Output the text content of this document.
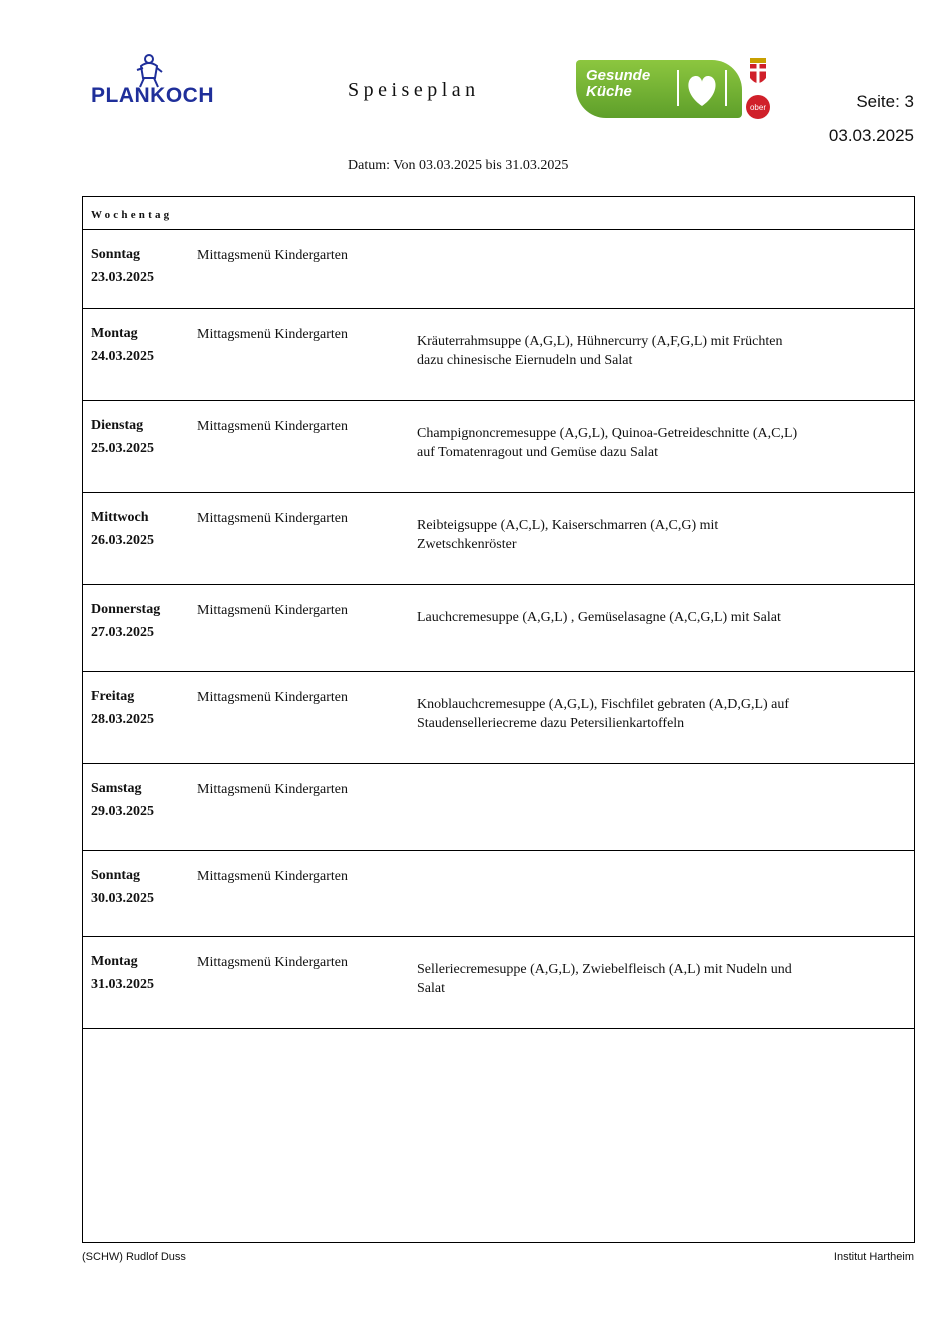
PLANKOCH	Speiseplan
Gesunde Küche
ober	Seite: 3
03.03.2025
Datum: Von 03.03.2025 bis 31.03.2025
Wochentag
Sonntag
23.03.2025
Mittagsmenü Kindergarten
Montag
24.03.2025
Mittagsmenü Kindergarten	Kräuterrahmsuppe (A,G,L), Hühnercurry (A,F,G,L) mit Früchten dazu chinesische Eiernudeln und Salat
Dienstag
25.03.2025
Mittagsmenü Kindergarten	Champignoncremesuppe (A,G,L), Quinoa-Getreideschnitte (A,C,L) auf Tomatenragout und Gemüse dazu Salat
Mittwoch
26.03.2025
Mittagsmenü Kindergarten	Reibteigsuppe (A,C,L), Kaiserschmarren (A,C,G) mit Zwetschkenröster
Donnerstag
27.03.2025
Mittagsmenü Kindergarten	Lauchcremesuppe (A,G,L) , Gemüselasagne (A,C,G,L) mit Salat
Freitag
28.03.2025
Mittagsmenü Kindergarten	Knoblauchcremesuppe (A,G,L), Fischfilet gebraten (A,D,G,L) auf Staudenselleriecreme dazu Petersilienkartoffeln
Samstag
29.03.2025
Mittagsmenü Kindergarten
Sonntag
30.03.2025
Mittagsmenü Kindergarten
Montag
31.03.2025
Mittagsmenü Kindergarten	Selleriecremesuppe (A,G,L), Zwiebelfleisch (A,L) mit Nudeln und Salat
(SCHW) Rudlof Duss	Institut Hartheim
